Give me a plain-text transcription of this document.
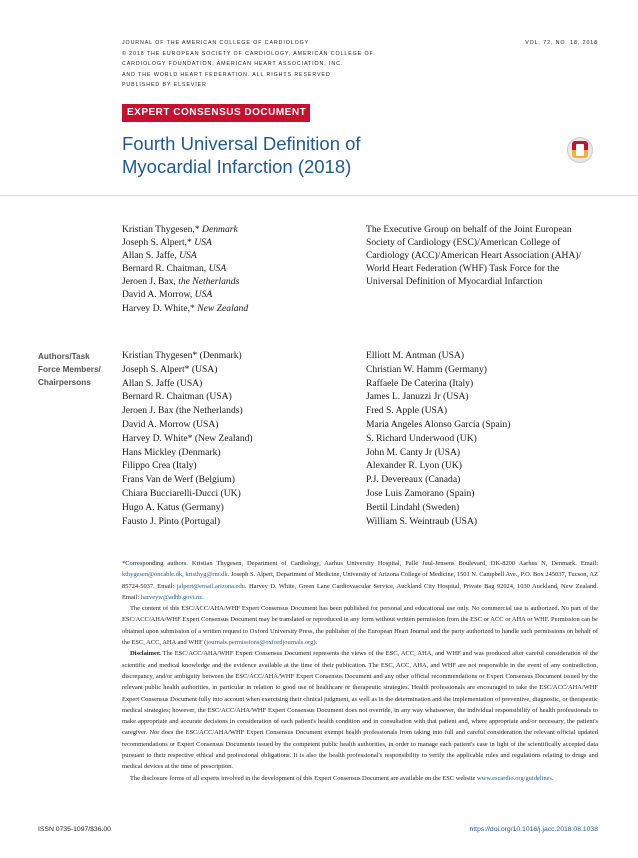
JOURNAL OF THE AMERICAN COLLEGE OF CARDIOLOGY
© 2018 THE EUROPEAN SOCIETY OF CARDIOLOGY, AMERICAN COLLEGE OF
CARDIOLOGY FOUNDATION, AMERICAN HEART ASSOCIATION, INC.
AND THE WORLD HEART FEDERATION. ALL RIGHTS RESERVED
PUBLISHED BY ELSEVIER
VOL. 72, NO. 18, 2018
EXPERT CONSENSUS DOCUMENT
Fourth Universal Definition of
Myocardial Infarction (2018)
Kristian Thygesen,* Denmark
Joseph S. Alpert,* USA
Allan S. Jaffe, USA
Bernard R. Chaitman, USA
Jeroen J. Bax, the Netherlands
David A. Morrow, USA
Harvey D. White,* New Zealand
The Executive Group on behalf of the Joint European
Society of Cardiology (ESC)/American College of
Cardiology (ACC)/American Heart Association (AHA)/
World Heart Federation (WHF) Task Force for the
Universal Definition of Myocardial Infarction
Authors/Task
Force Members/
Chairpersons
Kristian Thygesen* (Denmark)
Joseph S. Alpert* (USA)
Allan S. Jaffe (USA)
Bernard R. Chaitman (USA)
Jeroen J. Bax (the Netherlands)
David A. Morrow (USA)
Harvey D. White* (New Zealand)
Hans Mickley (Denmark)
Filippo Crea (Italy)
Frans Van de Werf (Belgium)
Chiara Bucciarelli-Ducci (UK)
Hugo A. Katus (Germany)
Fausto J. Pinto (Portugal)
Elliott M. Antman (USA)
Christian W. Hamm (Germany)
Raffaele De Caterina (Italy)
James L. Januzzi Jr (USA)
Fred S. Apple (USA)
Maria Angeles Alonso Garcia (Spain)
S. Richard Underwood (UK)
John M. Canty Jr (USA)
Alexander R. Lyon (UK)
P.J. Devereaux (Canada)
Jose Luis Zamorano (Spain)
Bertil Lindahl (Sweden)
William S. Weintraub (USA)

*Corresponding authors. Kristian Thygesen, Department of Cardiology, Aarhus University Hospital, Palle Juul-Jensens Boulevard, DK-8200 Aarhus N, Denmark. Email: kthygesen@oncable.dk, kristhyg@rm.dk. Joseph S. Alpert, Department of Medicine, University of Arizona College of Medicine, 1501 N. Campbell Ave., P.O. Box 245037, Tucson, AZ 85724-5037. Email: jalpert@email.arizona.edu. Harvey D. White, Green Lane Cardiovascular Service, Auckland City Hospital, Private Bag 92024, 1030 Auckland, New Zealand. Email: harveyw@adhb.govt.nz.

The content of this ESC/ACC/AHA/WHF Expert Consensus Document has been published for personal and educational use only. No commercial use is authorized. No part of the ESC/ACC/AHA/WHF Expert Consensus Document may be translated or reproduced in any form without written permission from the ESC or ACC or AHA or WHF. Permission can be obtained upon submission of a written request to Oxford University Press, the publisher of the European Heart Journal and the party authorized to handle such permissions on behalf of the ESC, ACC, AHA and WHF (journals.permissions@oxfordjournals.org).

Disclaimer. The ESC/ACC/AHA/WHF Expert Consensus Document represents the views of the ESC, ACC, AHA, and WHF and was produced after careful consideration of the scientific and medical knowledge and the evidence available at the time of their publication. The ESC, ACC, AHA, and WHF are not responsible in the event of any contradiction, discrepancy, and/or ambiguity between the ESC/ACC/AHA/WHF Expert Consensus Document and any other official recommendations or Expert Consensus Document issued by the relevant public health authorities, in particular in relation to good use of healthcare or therapeutic strategies. Health professionals are encouraged to take the ESC/ACC/AHA/WHF Expert Consensus Document fully into account when exercising their clinical judgment, as well as in the determination and the implementation of preventive, diagnostic, or therapeutic medical strategies; however, the ESC/ACC/AHA/WHF Expert Consensus Document does not override, in any way whatsoever, the individual responsibility of health professionals to make appropriate and accurate decisions in consideration of each patient's health condition and in consultation with that patient and, where appropriate and/or necessary, the patient's caregiver. Nor does the ESC/ACC/AHA/WHF Expert Consensus Document exempt health professionals from taking into full and careful consideration the relevant official updated recommendations or Expert Consensus Documents issued by the competent public health authorities, in order to manage each patient's case in light of the scientifically accepted data pursuant to their respective ethical and professional obligations. It is also the health professional's responsibility to verify the applicable rules and regulations relating to drugs and medical devices at the time of prescription.

The disclosure forms of all experts involved in the development of this Expert Consensus Document are available on the ESC website www.escardio.org/guidelines.

ISSN 0735-1097/$36.00	https://doi.org/10.1016/j.jacc.2018.08.1038
